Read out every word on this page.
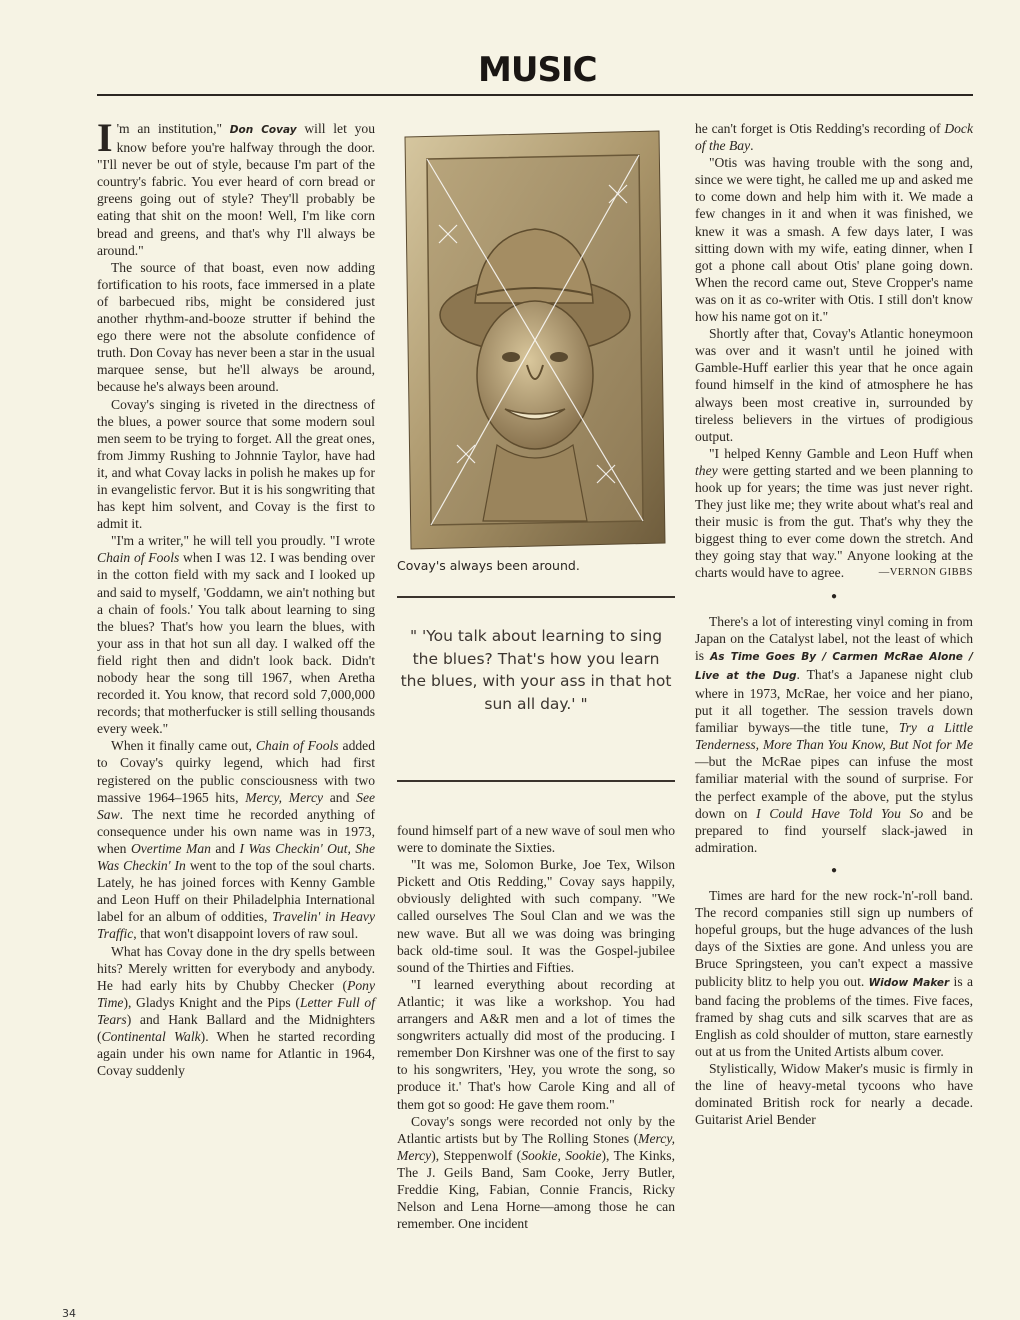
MUSIC

I 'm an institution," Don Covay will let you know before you're halfway through the door. "I'll never be out of style, because I'm part of the country's fabric. You ever heard of corn bread or greens going out of style? They'll probably be eating that shit on the moon! Well, I'm like corn bread and greens, and that's why I'll always be around."

The source of that boast, even now adding fortification to his roots, face immersed in a plate of barbecued ribs, might be considered just another rhythm-and-booze strutter if behind the ego there were not the absolute confidence of truth. Don Covay has never been a star in the usual marquee sense, but he'll always be around, because he's always been around.

Covay's singing is riveted in the directness of the blues, a power source that some modern soul men seem to be trying to forget. All the great ones, from Jimmy Rushing to Johnnie Taylor, have had it, and what Covay lacks in polish he makes up for in evangelistic fervor. But it is his songwriting that has kept him solvent, and Covay is the first to admit it.

"I'm a writer," he will tell you proudly. "I wrote Chain of Fools when I was 12. I was bending over in the cotton field with my sack and I looked up and said to myself, 'Goddamn, we ain't nothing but a chain of fools.' You talk about learning to sing the blues? That's how you learn the blues, with your ass in that hot sun all day. I walked off the field right then and didn't look back. Didn't nobody hear the song till 1967, when Aretha recorded it. You know, that record sold 7,000,000 records; that motherfucker is still selling thousands every week."

When it finally came out, Chain of Fools added to Covay's quirky legend, which had first registered on the public consciousness with two massive 1964–1965 hits, Mercy, Mercy and See Saw. The next time he recorded anything of consequence under his own name was in 1973, when Overtime Man and I Was Checkin' Out, She Was Checkin' In went to the top of the soul charts. Lately, he has joined forces with Kenny Gamble and Leon Huff on their Philadelphia International label for an album of oddities, Travelin' in Heavy Traffic, that won't disappoint lovers of raw soul.

What has Covay done in the dry spells between hits? Merely written for everybody and anybody. He had early hits by Chubby Checker (Pony Time), Gladys Knight and the Pips (Letter Full of Tears) and Hank Ballard and the Midnighters (Continental Walk). When he started recording again under his own name for Atlantic in 1964, Covay suddenly

Covay's always been around.
" 'You talk about learning to sing the blues? That's how you learn the blues, with your ass in that hot sun all day.' "

found himself part of a new wave of soul men who were to dominate the Sixties.

"It was me, Solomon Burke, Joe Tex, Wilson Pickett and Otis Redding," Covay says happily, obviously delighted with such company. "We called ourselves The Soul Clan and we was the new wave. But all we was doing was bringing back old-time soul. It was the Gospel-jubilee sound of the Thirties and Fifties.

"I learned everything about recording at Atlantic; it was like a workshop. You had arrangers and A&R men and a lot of times the songwriters actually did most of the producing. I remember Don Kirshner was one of the first to say to his songwriters, 'Hey, you wrote the song, so produce it.' That's how Carole King and all of them got so good: He gave them room."

Covay's songs were recorded not only by the Atlantic artists but by The Rolling Stones (Mercy, Mercy), Steppenwolf (Sookie, Sookie), The Kinks, The J. Geils Band, Sam Cooke, Jerry Butler, Freddie King, Fabian, Connie Francis, Ricky Nelson and Lena Horne—among those he can remember. One incident

he can't forget is Otis Redding's recording of Dock of the Bay.

"Otis was having trouble with the song and, since we were tight, he called me up and asked me to come down and help him with it. We made a few changes in it and when it was finished, we knew it was a smash. A few days later, I was sitting down with my wife, eating dinner, when I got a phone call about Otis' plane going down. When the record came out, Steve Cropper's name was on it as co-writer with Otis. I still don't know how his name got on it."

Shortly after that, Covay's Atlantic honeymoon was over and it wasn't until he joined with Gamble-Huff earlier this year that he once again found himself in the kind of atmosphere he has always been most creative in, surrounded by tireless believers in the virtues of prodigious output.

"I helped Kenny Gamble and Leon Huff when they were getting started and we been planning to hook up for years; the time was just never right. They just like me; they write about what's real and their music is from the gut. That's why they the biggest thing to ever come down the stretch. And they going stay that way." Anyone looking at the charts would have to agree.	—VERNON GIBBS

●

There's a lot of interesting vinyl coming in from Japan on the Catalyst label, not the least of which is As Time Goes By / Carmen McRae Alone / Live at the Dug. That's a Japanese night club where in 1973, McRae, her voice and her piano, put it all together. The session travels down familiar byways—the title tune, Try a Little Tenderness, More Than You Know, But Not for Me—but the McRae pipes can infuse the most familiar material with the sound of surprise. For the perfect example of the above, put the stylus down on I Could Have Told You So and be prepared to find yourself slack-jawed in admiration.

●

Times are hard for the new rock-'n'-roll band. The record companies still sign up numbers of hopeful groups, but the huge advances of the lush days of the Sixties are gone. And unless you are Bruce Springsteen, you can't expect a massive publicity blitz to help you out. Widow Maker is a band facing the problems of the times. Five faces, framed by shag cuts and silk scarves that are as English as cold shoulder of mutton, stare earnestly out at us from the United Artists album cover.

Stylistically, Widow Maker's music is firmly in the line of heavy-metal tycoons who have dominated British rock for nearly a decade. Guitarist Ariel Bender

34
